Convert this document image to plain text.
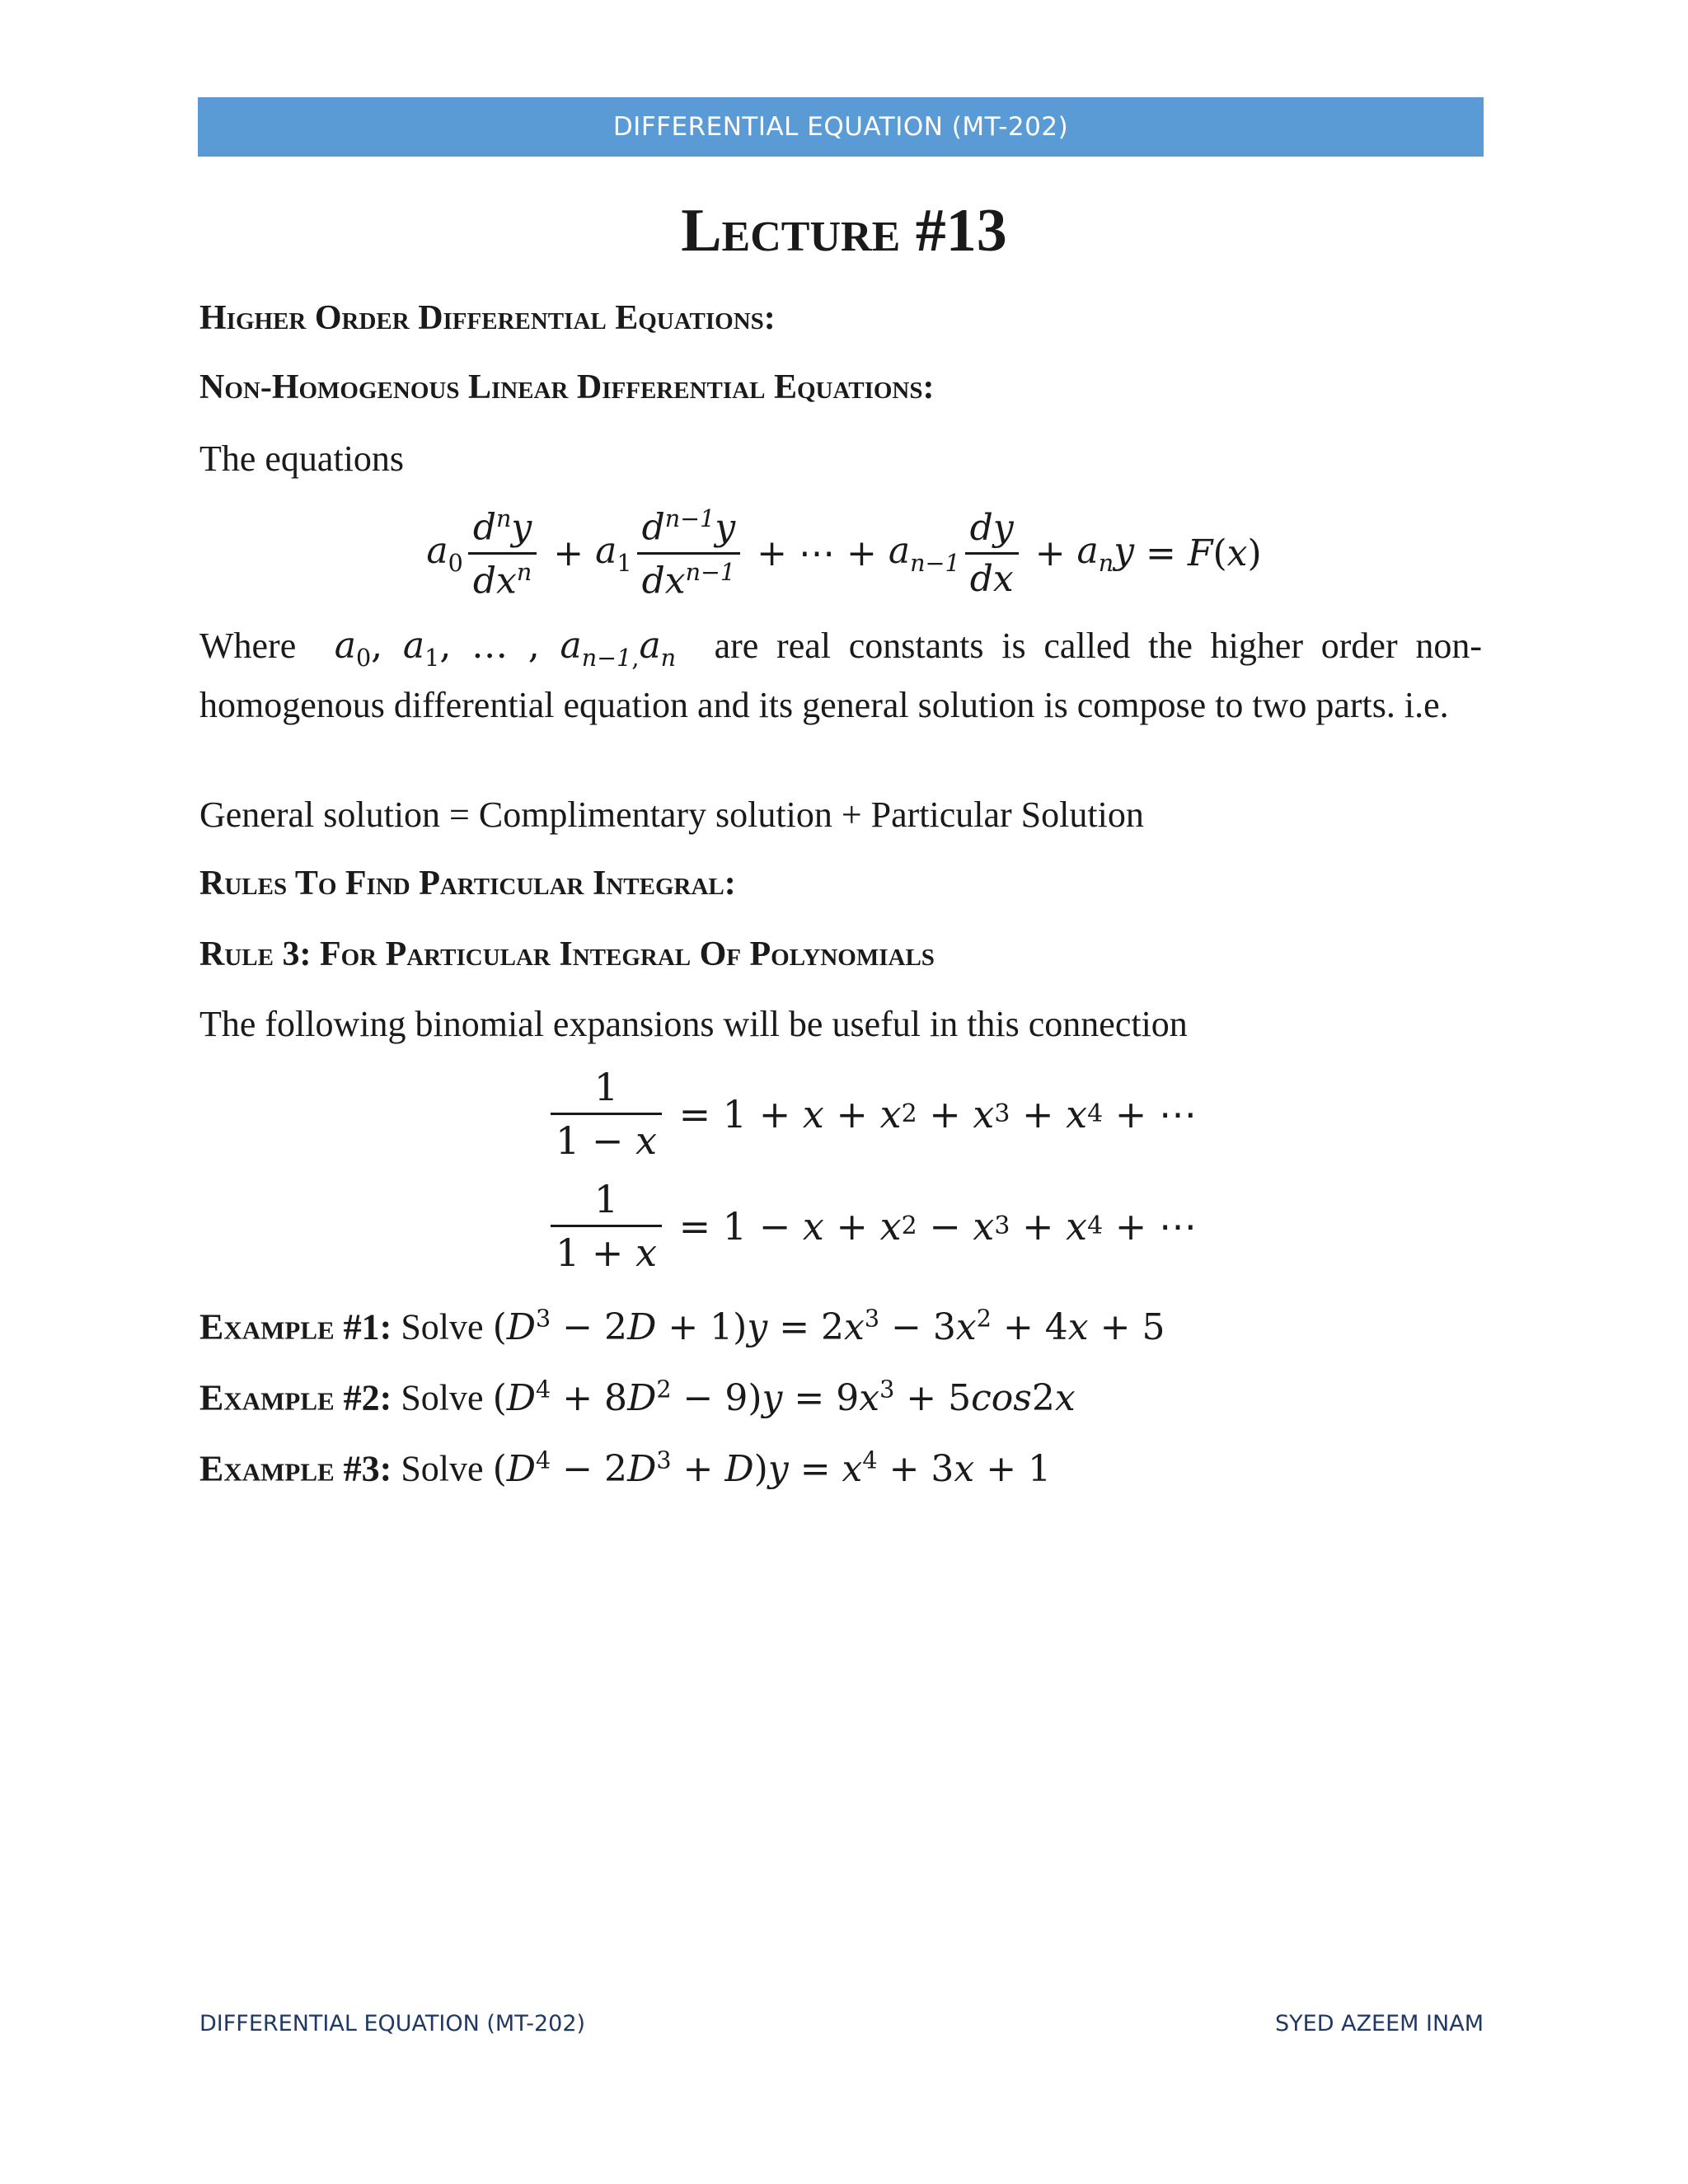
DIFFERENTIAL EQUATION (MT-202)
Lecture #13
Higher Order Differential Equations:
Non-Homogenous Linear Differential Equations:
The equations
$a_0 \frac{d^ny}{dx^n} + a_1 \frac{d^{n-1}y}{dx^{n-1}}$ + ⋯ + $a_{n-1} \frac{dy}{dx} + a_ny = F(x)$
Where  $a_0$, $a_1$, … , $a_{n-1,}a_n$ are real constants is called the higher order non-homogenous differential equation and its general solution is compose to two parts. i.e.
General solution = Complimentary solution + Particular Solution
Rules To Find Particular Integral:
Rule 3: For Particular Integral Of Polynomials
The following binomial expansions will be useful in this connection
$\frac{1}{1 - x} = 1 + x + x$ 2 + x 3 + x 4 + ⋯
$\frac{1}{1 + x} = 1 - x + x$ 2 − x 3 + x 4 + ⋯
Example #1: Solve $(D^3 - 2D + 1)y = 2x^3 - 3x^2 + 4x + 5$
Example #2: Solve $(D^4 + 8D^2 - 9)y = 9x^3 + 5\cos 2x$
Example #3: Solve $(D^4 - 2D^3 + D)y = x^4 + 3x + 1$
DIFFERENTIAL EQUATION (MT-202)	SYED AZEEM INAM
